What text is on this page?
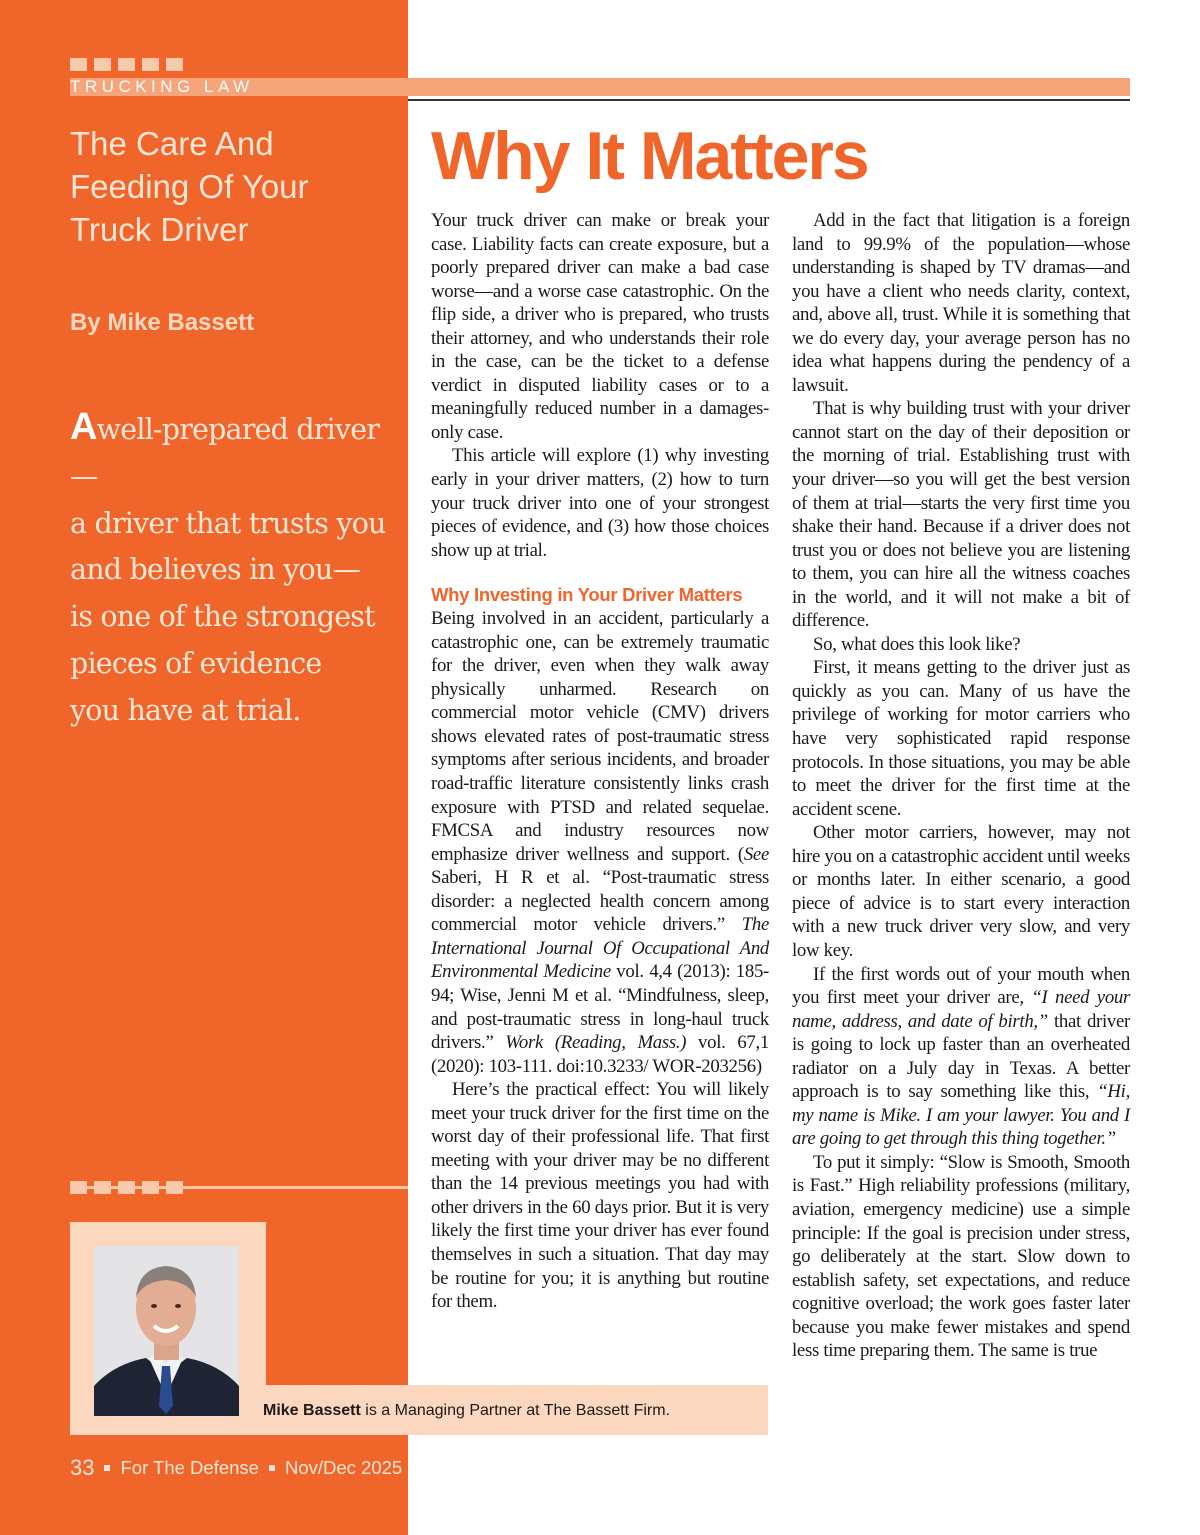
TRUCKING LAW
The Care And Feeding Of Your Truck Driver
By Mike Bassett
Awell-prepared driver—
a driver that trusts you
and believes in you—
is one of the strongest
pieces of evidence
you have at trial.
Mike Bassett is a Managing Partner at The Bassett Firm.
33 For The Defense Nov/Dec 2025
Why It Matters

Your truck driver can make or break your case. Liability facts can create exposure, but a poorly prepared driver can make a bad case worse—and a worse case catastrophic. On the flip side, a driver who is prepared, who trusts their attorney, and who understands their role in the case, can be the ticket to a defense verdict in disputed liability cases or to a meaningfully reduced number in a damages-only case.

This article will explore (1) why investing early in your driver matters, (2) how to turn your truck driver into one of your strongest pieces of evidence, and (3) how those choices show up at trial.

Why Investing in Your Driver Matters

Being involved in an accident, particularly a catastrophic one, can be extremely traumatic for the driver, even when they walk away physically unharmed. Research on commercial motor vehicle (CMV) drivers shows elevated rates of post-traumatic stress symptoms after serious incidents, and broader road-traffic literature consistently links crash exposure with PTSD and related sequelae. FMCSA and industry resources now emphasize driver wellness and support. (See Saberi, H R et al. “Post-traumatic stress disorder: a neglected health concern among commercial motor vehicle drivers.” The International Journal Of Occupational And Environmental Medicine vol. 4,4 (2013): 185-94; Wise, Jenni M et al. “Mindfulness, sleep, and post-traumatic stress in long-haul truck drivers.” Work (Reading, Mass.) vol. 67,1 (2020): 103-111. doi:10.3233/ WOR-203256)

Here’s the practical effect: You will likely meet your truck driver for the first time on the worst day of their professional life. That first meeting with your driver may be no different than the 14 previous meetings you had with other drivers in the 60 days prior. But it is very likely the first time your driver has ever found themselves in such a situation. That day may be routine for you; it is anything but routine for them.

Add in the fact that litigation is a foreign land to 99.9% of the population—whose understanding is shaped by TV dramas—and you have a client who needs clarity, context, and, above all, trust. While it is something that we do every day, your average person has no idea what happens during the pendency of a lawsuit.

That is why building trust with your driver cannot start on the day of their deposition or the morning of trial. Establishing trust with your driver—so you will get the best version of them at trial—starts the very first time you shake their hand. Because if a driver does not trust you or does not believe you are listening to them, you can hire all the witness coaches in the world, and it will not make a bit of difference.

So, what does this look like?

First, it means getting to the driver just as quickly as you can. Many of us have the privilege of working for motor carriers who have very sophisticated rapid response protocols. In those situations, you may be able to meet the driver for the first time at the accident scene.

Other motor carriers, however, may not hire you on a catastrophic accident until weeks or months later. In either scenario, a good piece of advice is to start every interaction with a new truck driver very slow, and very low key.

If the first words out of your mouth when you first meet your driver are, “I need your name, address, and date of birth,” that driver is going to lock up faster than an overheated radiator on a July day in Texas. A better approach is to say something like this, “Hi, my name is Mike. I am your lawyer. You and I are going to get through this thing together.”

To put it simply: “Slow is Smooth, Smooth is Fast.” High reliability professions (military, aviation, emergency medicine) use a simple principle: If the goal is precision under stress, go deliberately at the start. Slow down to establish safety, set expectations, and reduce cognitive overload; the work goes faster later because you make fewer mistakes and spend less time preparing them. The same is true
